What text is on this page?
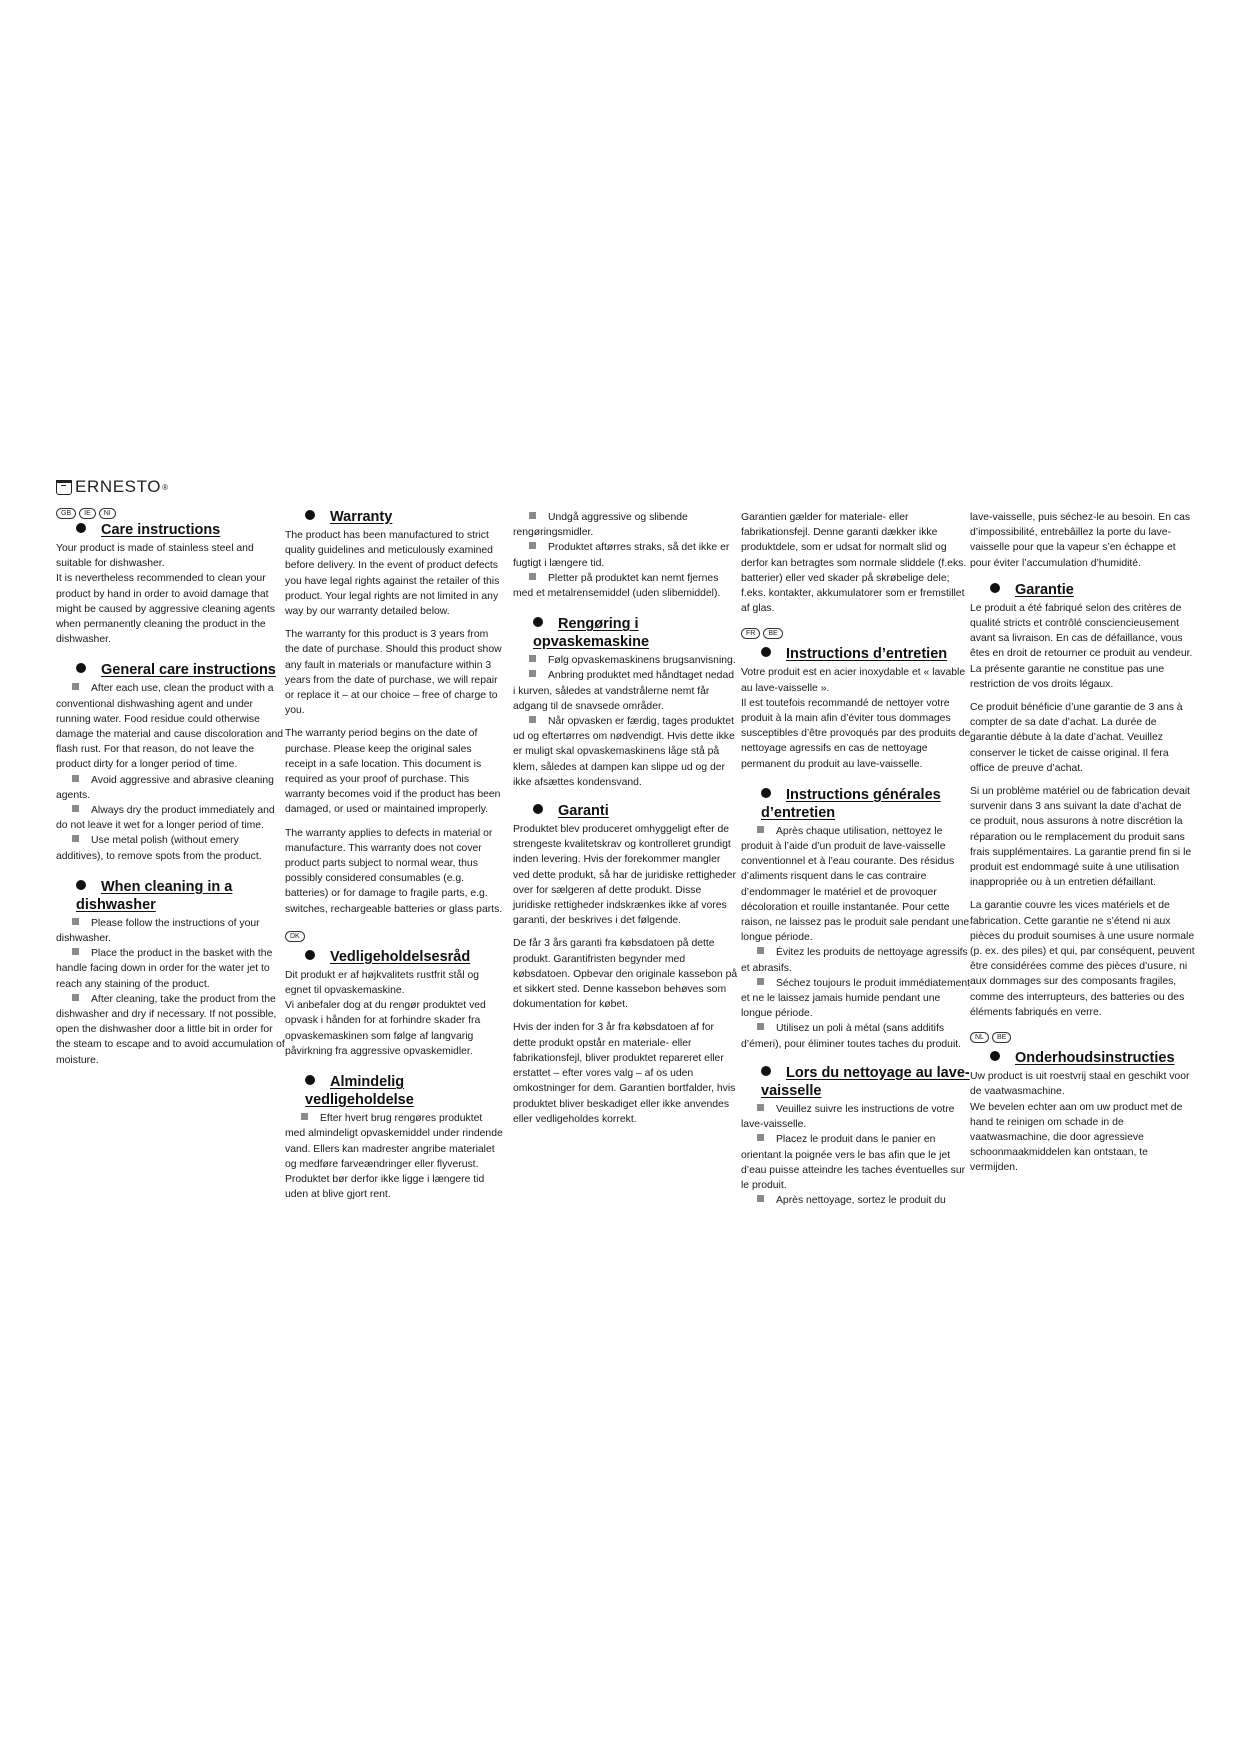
ERNESTO ®
GB	IE	NI
Care instructions

Your product is made of stainless steel and suitable for dishwasher.

It is nevertheless recommended to clean your product by hand in order to avoid damage that might be caused by aggressive cleaning agents when permanently cleaning the product in the dishwasher.

General care instructions
After each use, clean the product with a conventional dishwashing agent and under running water. Food residue could otherwise damage the material and cause discoloration and flash rust. For that reason, do not leave the product dirty for a longer period of time.
Avoid aggressive and abrasive cleaning agents.
Always dry the product immediately and do not leave it wet for a longer period of time.
Use metal polish (without emery additives), to remove spots from the product.
When cleaning in a dishwasher
Please follow the instructions of your dishwasher.
Place the product in the basket with the handle facing down in order for the water jet to reach any staining of the product.
After cleaning, take the product from the dishwasher and dry if necessary. If not possible, open the dishwasher door a little bit in order for the steam to escape and to avoid accumulation of moisture.
Warranty

The product has been manufactured to strict quality guidelines and meticulously examined before delivery. In the event of product defects you have legal rights against the retailer of this product. Your legal rights are not limited in any way by our warranty detailed below.

The warranty for this product is 3 years from the date of purchase. Should this product show any fault in materials or manufacture within 3 years from the date of purchase, we will repair or replace it – at our choice – free of charge to you.

The warranty period begins on the date of purchase. Please keep the original sales receipt in a safe location. This document is required as your proof of purchase. This warranty becomes void if the product has been damaged, or used or maintained improperly.

The warranty applies to defects in material or manufacture. This warranty does not cover product parts subject to normal wear, thus possibly considered consumables (e.g. batteries) or for damage to fragile parts, e.g. switches, rechargeable batteries or glass parts.

DK
Vedligeholdelsesråd

Dit produkt er af højkvalitets rustfrit stål og egnet til opvaskemaskine.

Vi anbefaler dog at du rengør produktet ved opvask i hånden for at forhindre skader fra opvaskemaskinen som følge af langvarig påvirkning fra aggressive opvaskemidler.

Almindelig vedligeholdelse
Efter hvert brug rengøres produktet med almindeligt opvaskemiddel under rindende vand. Ellers kan madrester angribe materialet og medføre farveændringer eller flyverust. Produktet bør derfor ikke ligge i længere tid uden at blive gjort rent.
Undgå aggressive og slibende rengøringsmidler.
Produktet aftørres straks, så det ikke er fugtigt i længere tid.
Pletter på produktet kan nemt fjernes med et metalrensemiddel (uden slibemiddel).
Rengøring i opvaskemaskine
Følg opvaskemaskinens brugsanvisning.
Anbring produktet med håndtaget nedad i kurven, således at vandstrålerne nemt får adgang til de snavsede områder.
Når opvasken er færdig, tages produktet ud og eftertørres om nødvendigt. Hvis dette ikke er muligt skal opvaskemaskinens låge stå på klem, således at dampen kan slippe ud og der ikke afsættes kondensvand.
Garanti

Produktet blev produceret omhyggeligt efter de strengeste kvalitetskrav og kontrolleret grundigt inden levering. Hvis der forekommer mangler ved dette produkt, så har de juridiske rettigheder over for sælgeren af dette produkt. Disse juridiske rettigheder indskrænkes ikke af vores garanti, der beskrives i det følgende.

De får 3 års garanti fra købsdatoen på dette produkt. Garantifristen begynder med købsdatoen. Opbevar den originale kassebon på et sikkert sted. Denne kassebon behøves som dokumentation for købet.

Hvis der inden for 3 år fra købsdatoen af for dette produkt opstår en materiale- eller fabrikationsfejl, bliver produktet repareret eller erstattet – efter vores valg – af os uden omkostninger for dem. Garantien bortfalder, hvis produktet bliver beskadiget eller ikke anvendes eller vedligeholdes korrekt.

Garantien gælder for materiale- eller fabrikationsfejl. Denne garanti dækker ikke produktdele, som er udsat for normalt slid og derfor kan betragtes som normale sliddele (f.eks. batterier) eller ved skader på skrøbelige dele; f.eks. kontakter, akkumulatorer som er fremstillet af glas.

FR	BE
Instructions d’entretien

Votre produit est en acier inoxydable et « lavable au lave-vaisselle ».

Il est toutefois recommandé de nettoyer votre produit à la main afin d’éviter tous dommages susceptibles d’être provoqués par des produits de nettoyage agressifs en cas de nettoyage permanent du produit au lave-vaisselle.

Instructions générales d’entretien
Après chaque utilisation, nettoyez le produit à l’aide d’un produit de lave-vaisselle conventionnel et à l’eau courante. Des résidus d’aliments risquent dans le cas contraire d’endommager le matériel et de provoquer décoloration et rouille instantanée. Pour cette raison, ne laissez pas le produit sale pendant une longue période.
Évitez les produits de nettoyage agressifs et abrasifs.
Séchez toujours le produit immédiatement et ne le laissez jamais humide pendant une longue période.
Utilisez un poli à métal (sans additifs d’émeri), pour éliminer toutes taches du produit.
Lors du nettoyage au lave-vaisselle
Veuillez suivre les instructions de votre lave-vaisselle.
Placez le produit dans le panier en orientant la poignée vers le bas afin que le jet d’eau puisse atteindre les taches éventuelles sur le produit.
Après nettoyage, sortez le produit du

lave-vaisselle, puis séchez-le au besoin. En cas d’impossibilité, entrebâillez la porte du lave-vaisselle pour que la vapeur s’en échappe et pour éviter l’accumulation d’humidité.

Garantie

Le produit a été fabriqué selon des critères de qualité stricts et contrôlé consciencieusement avant sa livraison. En cas de défaillance, vous êtes en droit de retourner ce produit au vendeur. La présente garantie ne constitue pas une restriction de vos droits légaux.

Ce produit bénéficie d’une garantie de 3 ans à compter de sa date d’achat. La durée de garantie débute à la date d’achat. Veuillez conserver le ticket de caisse original. Il fera office de preuve d’achat.

Si un problème matériel ou de fabrication devait survenir dans 3 ans suivant la date d’achat de ce produit, nous assurons à notre discrétion la réparation ou le remplacement du produit sans frais supplémentaires. La garantie prend fin si le produit est endommagé suite à une utilisation inappropriée ou à un entretien défaillant.

La garantie couvre les vices matériels et de fabrication. Cette garantie ne s’étend ni aux pièces du produit soumises à une usure normale (p. ex. des piles) et qui, par conséquent, peuvent être considérées comme des pièces d’usure, ni aux dommages sur des composants fragiles, comme des interrupteurs, des batteries ou des éléments fabriqués en verre.

NL	BE
Onderhoudsinstructies

Uw product is uit roestvrij staal en geschikt voor de vaatwasmachine.

We bevelen echter aan om uw product met de hand te reinigen om schade in de vaatwasmachine, die door agressieve schoonmaakmiddelen kan ontstaan, te vermijden.
